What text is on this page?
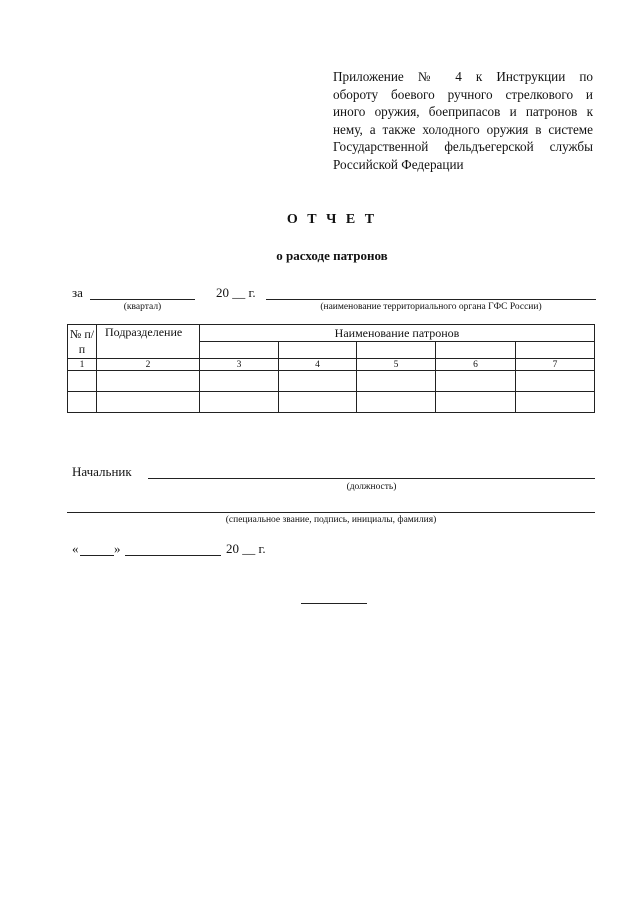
Приложение № 4 к Инструкции по
обороту боевого ручного стрелкового и
иного оружия, боеприпасов и патронов к
нему, а также холодного оружия в системе
Государственной фельдъегерской службы
Российской Федерации
О Т Ч Е Т
о расходе патронов
за	20 __ г.
(квартал)	(наименование территориального органа ГФС России)
№ п/п	Подразделение	Наименование патронов				

1	2	3	4	5	6	7

Начальник
(должность)
(специальное звание, подпись, инициалы, фамилия)
«	»	20 __ г.
